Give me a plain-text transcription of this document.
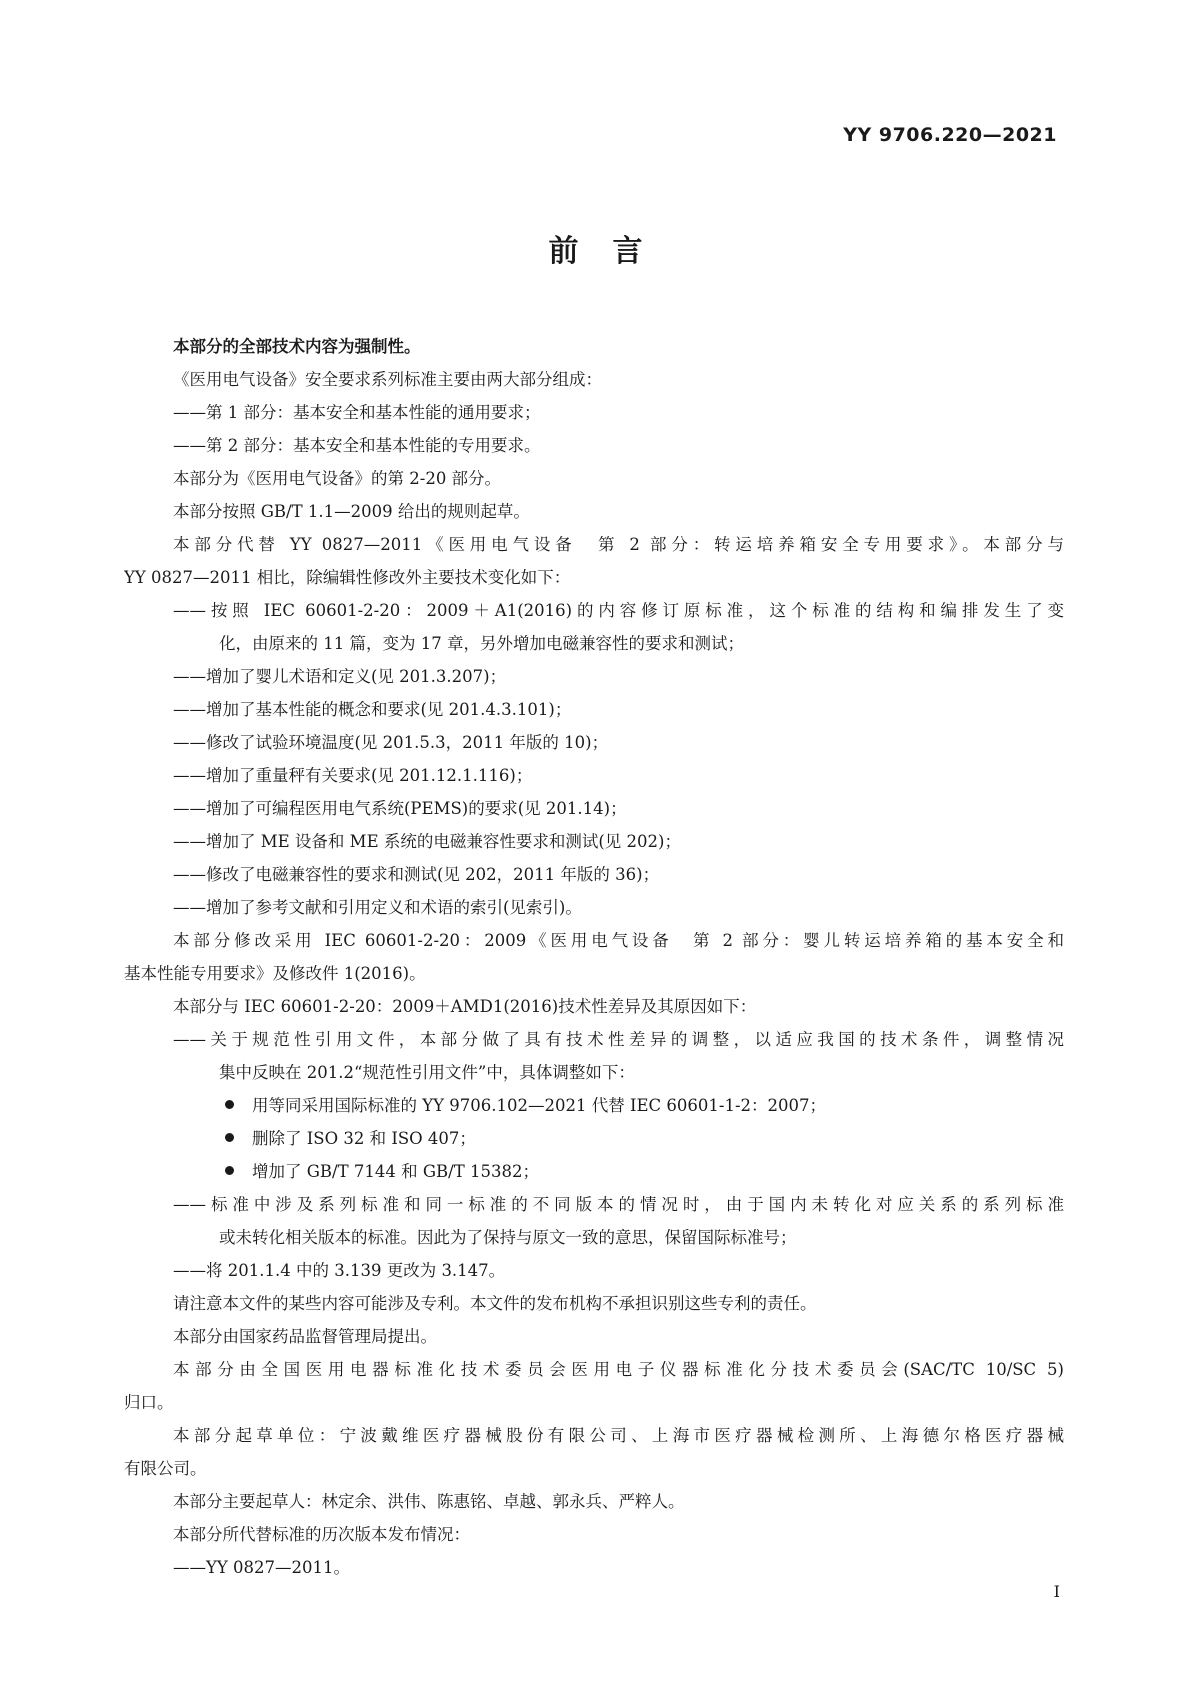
YY 9706.220—2021
前言
本部分的全部技术内容为强制性。
《医用电气设备》安全要求系列标准主要由两大部分组成：
——第 1 部分：基本安全和基本性能的通用要求；
——第 2 部分：基本安全和基本性能的专用要求。
本部分为《医用电气设备》的第 2-20 部分。
本部分按照 GB/T 1.1—2009 给出的规则起草。
本部分代替 YY 0827—2011《医用电气设备　第 2 部分：转运培养箱安全专用要求》。本部分与
YY 0827—2011 相比，除编辑性修改外主要技术变化如下：
——按照 IEC 60601-2-20：2009＋A1(2016)的内容修订原标准，这个标准的结构和编排发生了变
化，由原来的 11 篇，变为 17 章，另外增加电磁兼容性的要求和测试；
——增加了婴儿术语和定义(见 201.3.207)；
——增加了基本性能的概念和要求(见 201.4.3.101)；
——修改了试验环境温度(见 201.5.3，2011 年版的 10)；
——增加了重量秤有关要求(见 201.12.1.116)；
——增加了可编程医用电气系统(PEMS)的要求(见 201.14)；
——增加了 ME 设备和 ME 系统的电磁兼容性要求和测试(见 202)；
——修改了电磁兼容性的要求和测试(见 202，2011 年版的 36)；
——增加了参考文献和引用定义和术语的索引(见索引)。
本部分修改采用 IEC 60601-2-20：2009《医用电气设备　第 2 部分：婴儿转运培养箱的基本安全和
基本性能专用要求》及修改件 1(2016)。
本部分与 IEC 60601-2-20：2009＋AMD1(2016)技术性差异及其原因如下：
——关于规范性引用文件，本部分做了具有技术性差异的调整，以适应我国的技术条件，调整情况
集中反映在 201.2“规范性引用文件”中，具体调整如下：
用等同采用国际标准的 YY 9706.102—2021 代替 IEC 60601-1-2：2007；
删除了 ISO 32 和 ISO 407；
增加了 GB/T 7144 和 GB/T 15382；
——标准中涉及系列标准和同一标准的不同版本的情况时，由于国内未转化对应关系的系列标准
或未转化相关版本的标准。因此为了保持与原文一致的意思，保留国际标准号；
——将 201.1.4 中的 3.139 更改为 3.147。
请注意本文件的某些内容可能涉及专利。本文件的发布机构不承担识别这些专利的责任。
本部分由国家药品监督管理局提出。
本部分由全国医用电器标准化技术委员会医用电子仪器标准化分技术委员会(SAC/TC 10/SC 5)
归口。
本部分起草单位：宁波戴维医疗器械股份有限公司、上海市医疗器械检测所、上海德尔格医疗器械
有限公司。
本部分主要起草人：林定余、洪伟、陈惠铭、卓越、郭永兵、严粹人。
本部分所代替标准的历次版本发布情况：
——YY 0827—2011。
I
